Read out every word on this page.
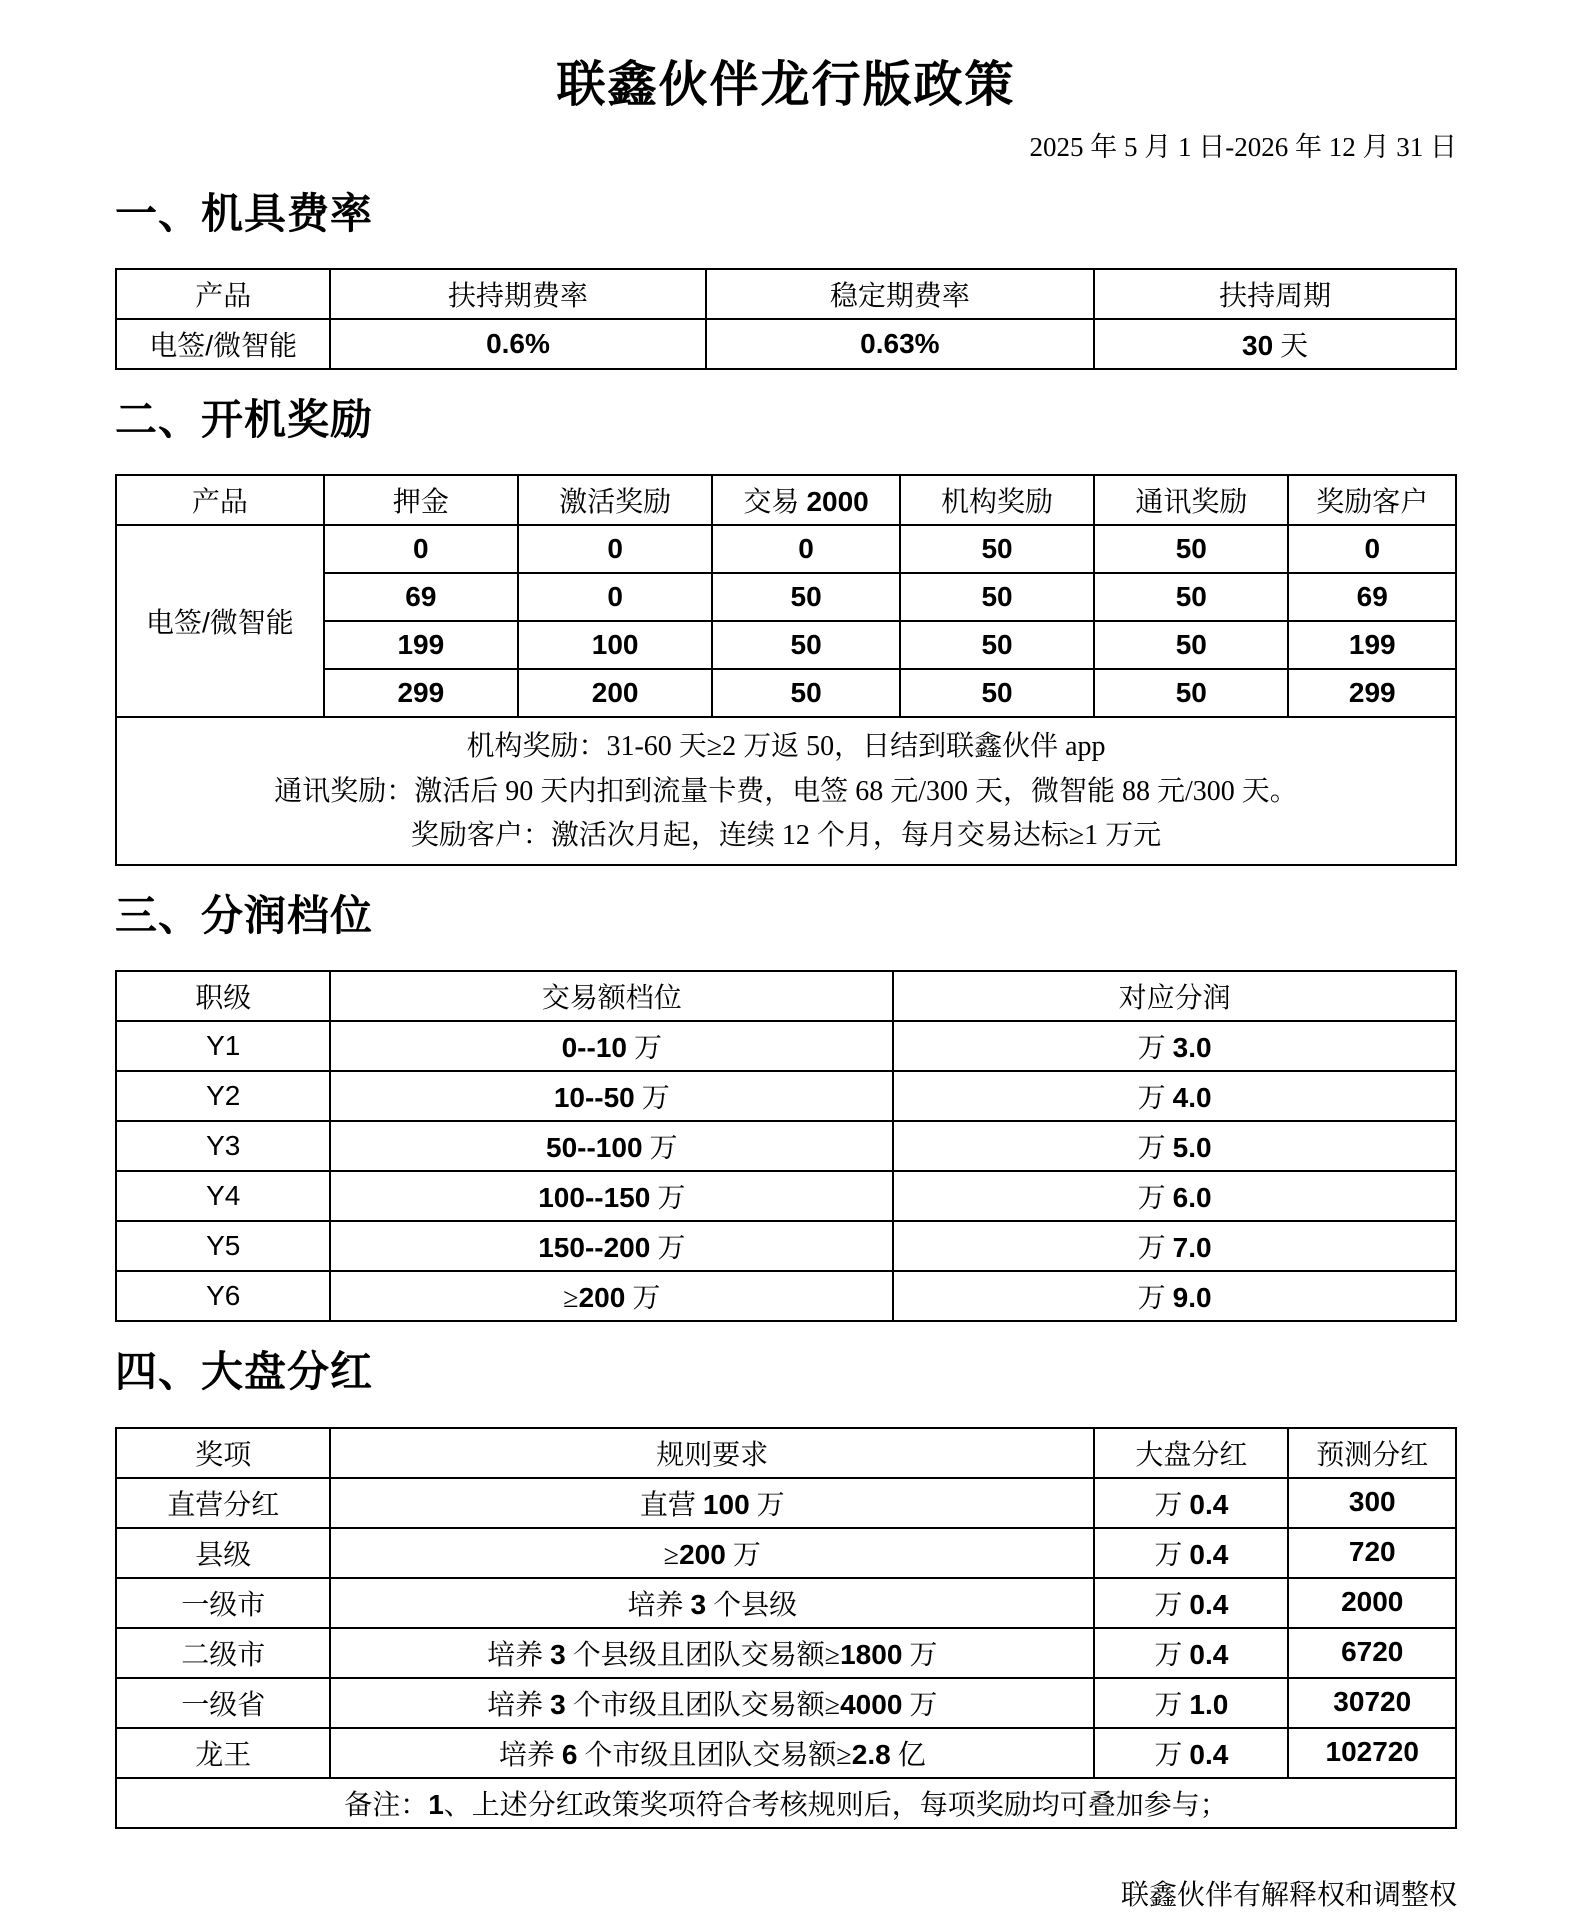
联鑫伙伴龙行版政策
2025 年 5 月 1 日-2026 年 12 月 31 日
一、机具费率
产品	扶持期费率	稳定期费率	扶持周期
电签/微智能	0.6%	0.63%	30 天
二、开机奖励
产品	押金	激活奖励	交易 2000	机构奖励	通讯奖励	奖励客户
电签/微智能	0	0	0	50	50	0
	69	0	50	50	50	69
	199	100	50	50	50	199
	299	200	50	50	50	299

机构奖励：31-60 天≥2 万返 50，日结到联鑫伙伴 app
通讯奖励：激活后 90 天内扣到流量卡费，电签 68 元/300 天，微智能 88 元/300 天。
奖励客户：激活次月起，连续 12 个月，每月交易达标≥1 万元						
三、分润档位
职级	交易额档位	对应分润
Y1	0--10 万	万 3.0
Y2	10--50 万	万 4.0
Y3	50--100 万	万 5.0
Y4	100--150 万	万 6.0
Y5	150--200 万	万 7.0
Y6	≥200 万	万 9.0
四、大盘分红
奖项	规则要求	大盘分红	预测分红
直营分红	直营 100 万	万 0.4	300
县级	≥200 万	万 0.4	720
一级市	培养 3 个县级	万 0.4	2000
二级市	培养 3 个县级且团队交易额≥1800 万	万 0.4	6720
一级省	培养 3 个市级且团队交易额≥4000 万	万 1.0	30720
龙王	培养 6 个市级且团队交易额≥2.8 亿	万 0.4	102720
备注：1、上述分红政策奖项符合考核规则后，每项奖励均可叠加参与；			
联鑫伙伴有解释权和调整权
